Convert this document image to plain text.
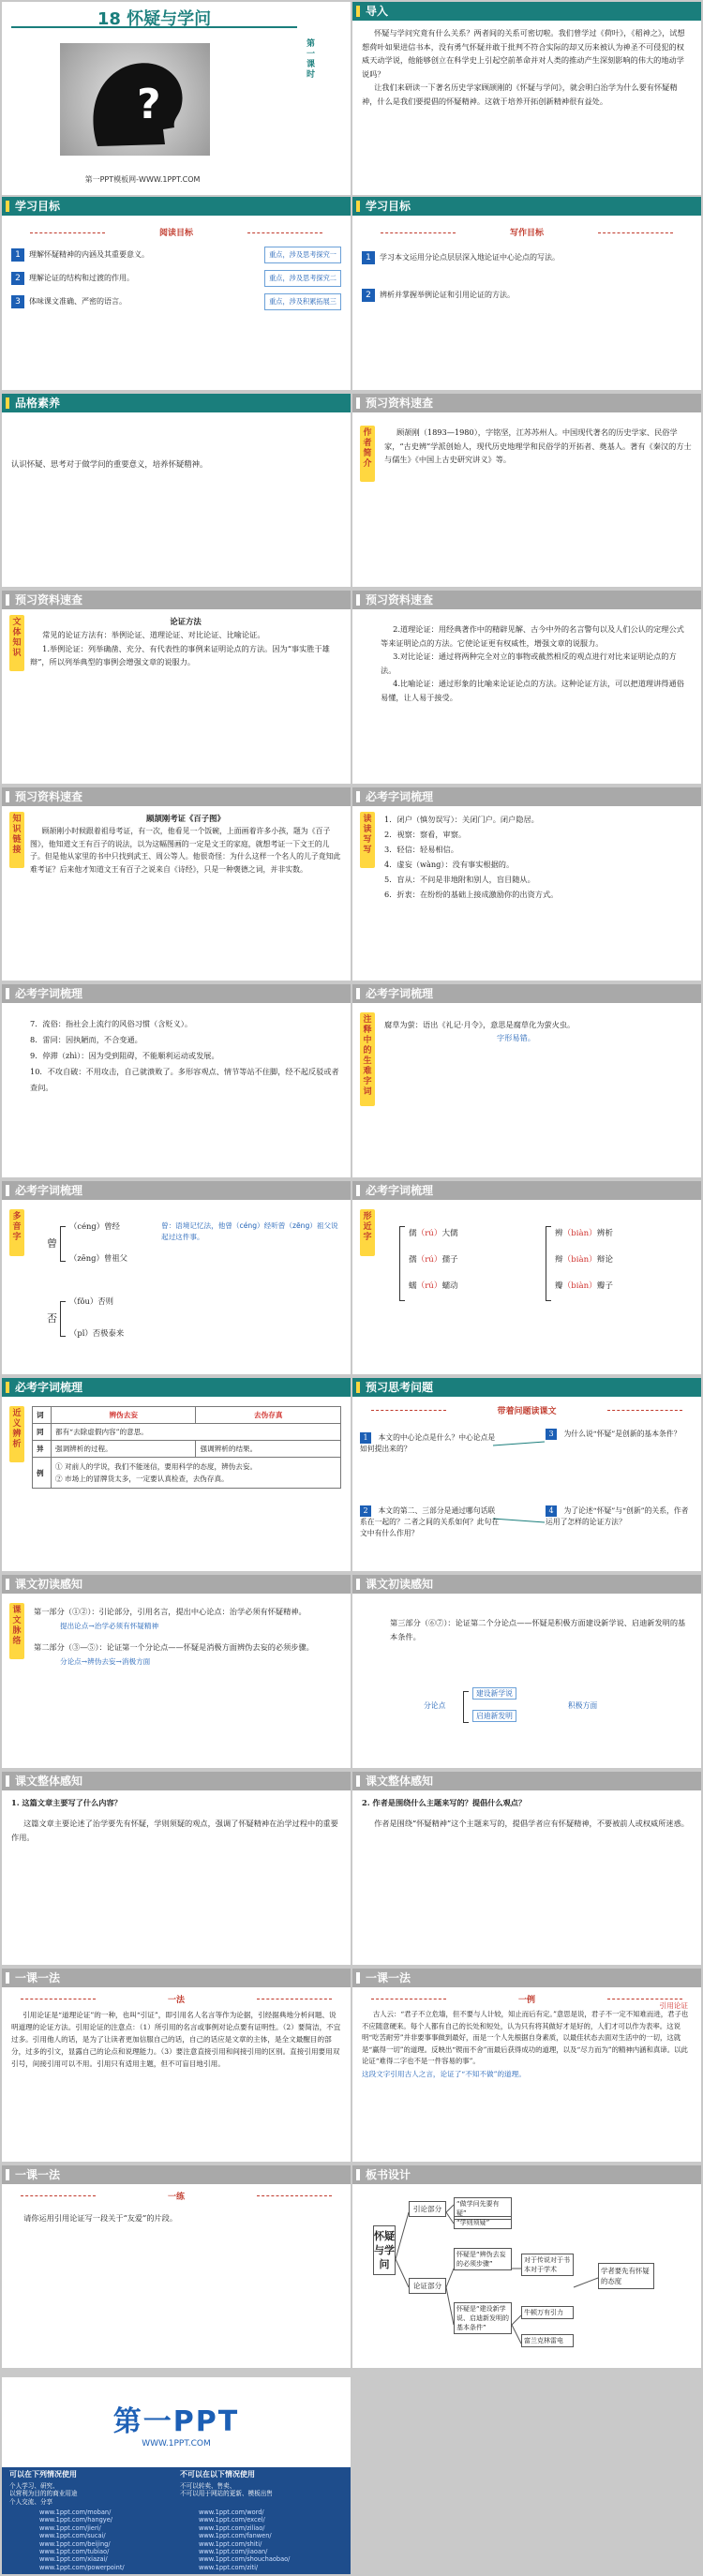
18 怀疑与学问
?
第一课时
第一PPT模板网-WWW.1PPT.COM
导入

怀疑与学问究竟有什么关系？两者间的关系可密切啦。我们曾学过《荷叶》，《稻神之》，试想想荷叶如果进信书本，没有勇气怀疑并敢于批判不符合实际的却又历来被认为神圣不可侵犯的权威天动学说，他能够创立在科学史上引起空前革命并对人类的推动产生深刻影响的伟大的地动学说吗？

让我们来研读一下著名历史学家顾颉刚的《怀疑与学问》，就会明白治学为什么要有怀疑精神，什么是我们要提倡的怀疑精神。这就于培养开拓创新精神很有益处。

学习目标
阅读目标
1	理解怀疑精神的内涵及其重要意义。	重点，涉及思考探究一
2	理解论证的结构和过渡的作用。	重点，涉及思考探究二
3	体味课文准确、严密的语言。	重点，涉及积累拓展三
学习目标
写作目标
1	学习本文运用分论点层层深入地论证中心论点的写法。
2	辨析并掌握举例论证和引用论证的方法。
品格素养

认识怀疑、思考对于做学问的重要意义，培养怀疑精神。

预习资料速查
作者简介

顾颉刚（1893—1980），字铭坚，江苏苏州人。中国现代著名的历史学家、民俗学家，“古史辨”学派创始人，现代历史地理学和民俗学的开拓者、奠基人。著有《秦汉的方士与儒生》《中国上古史研究讲义》等。

预习资料速查
文体知识
论证方法

常见的论证方法有：举例论证、道理论证、对比论证、比喻论证。

1.举例论证：列举确凿、充分、有代表性的事例来证明论点的方法。因为“事实胜于雄辩”，所以列举典型的事例会增强文章的说服力。

预习资料速查

2.道理论证：用经典著作中的精辟见解、古今中外的名言警句以及人们公认的定理公式等来证明论点的方法。它使论证更有权威性，增强文章的说服力。

3.对比论证：通过将两种完全对立的事物或截然相反的观点进行对比来证明论点的方法。

4.比喻论证：通过形象的比喻来论证论点的方法。这种论证方法，可以把道理讲得通俗易懂，让人易于接受。

预习资料速查
知识链接
顾颉刚考证《百子图》

顾颉刚小时候跟着祖母考证，有一次，他看见一个饭碗，上面画着许多小孩，题为《百子图》，他知道文王有百子的说法，以为这幅图画的一定是文王的家庭，就想考证一下文王的儿子。但是他从家里的书中只找到武王、周公等人。他很奇怪：为什么这样一个名人的儿子竟知此难考证？后来他才知道文王有百子之说来自《诗经》，只是一种褒德之词，并非实数。

必考字词梳理
读读写写
1．闭户（慎勿误写）：关闭门户。闭户隐居。
2．视察：察看，审察。
3．轻信：轻易相信。
4．虚妄（wàng）：没有事实根据的。
5．盲从：不问是非地附和别人，盲目随从。
6．折衷：在纷纷的基础上接成激励你的出资方式。
必考字词梳理
7．流俗：指社会上流行的风俗习惯（含贬义）。
8．雷同：因执陋而，不合变通。
9．停滞（zhì）：因为受到阻碍，不能顺利运动或发展。
10．不攻自破：不用攻击，自己就溃败了。多形容观点、情节等站不住脚，经不起反驳或者查问。
必考字词梳理
注释中的生难字词

腐草为萤：语出《礼记·月令》，意思是腐草化为萤火虫。

字形易错。

必考字词梳理
多音字	曾
（céng）曾经
（zēng）曾祖父
曾：语境记忆法，他曾（céng）经听曾（zēng）祖父说起过这件事。
否
（fǒu）否则
（pǐ）否极泰来
必考字词梳理
形近字	儒（rú）大儒
孺（rú）孺子
蠕（rú）蠕动
辨（biàn）辨析
辩（biàn）辩论
瓣（biàn）瓣子
必考字词梳理
近义辨析
词	辨伪去妄	去伪存真
同	都有“去除虚假内容”的意思。	
异	强调辨析的过程。	强调辨析的结果。
例	① 对前人的学说，我们不能迷信，要用科学的态度，辨伪去妄。
② 市场上的冒牌货太多，一定要认真检查，去伪存真。	
预习思考问题
带着问题读课文
1 本文的中心论点是什么？中心论点是如何提出来的？
2 本文的第二、三部分是通过哪句话联系在一起的？二者之间的关系如何？此句在文中有什么作用？
3 为什么说“怀疑”是创新的基本条件？
4 为了论述“怀疑”与“创新”的关系，作者运用了怎样的论证方法？
课文初读感知
课文脉络

第一部分（①②）：引论部分，引用名言，提出中心论点：治学必须有怀疑精神。

提出论点→治学必须有怀疑精神

第二部分（③—⑤）：论证第一个分论点——怀疑是消极方面辨伪去妄的必须步骤。

分论点→辨伪去妄→消极方面

课文初读感知

第三部分（⑥⑦）：论证第二个分论点——怀疑是积极方面建设新学说、启迪新发明的基本条件。

分论点
建设新学说
启迪新发明
积极方面
课文整体感知

1. 这篇文章主要写了什么内容？

这篇文章主要论述了治学要先有怀疑，学则须疑的观点，强调了怀疑精神在治学过程中的重要作用。

课文整体感知

2. 作者是围绕什么主题来写的？提倡什么观点？

作者是围绕“怀疑精神”这个主题来写的，提倡学者应有怀疑精神，不要被前人或权威所迷惑。

一课一法
一法

引用论证是“道理论证”的一种，也叫“引证”，即引用名人名言等作为论据，引经据典地分析问题、说明道理的论证方法。引用论证的注意点：（1）所引用的名言或事例对论点要有证明性。（2）要简洁，不宜过多。引用他人的话，是为了让读者更加信服自己的话，自己的话应是文章的主体，是全文最醒目的部分，过多的引文，显露自己的论点和说理能力。（3）要注意直接引用和间接引用的区别。直接引用要用双引号，间接引用可以不用。引用只有适用主题，但不可盲目地引用。

一课一法
一例
引用论证

古人云：“君子不立危墙，但不要与人计较，知止而后有定。”意思是说，君子不一定不知难而进，君子也不应随意硬来。每个人都有自己的长处和短处，认为只有将其做好才是好的，人们才可以作为表率。这说明“吃苦耐劳”并非要事事做到最好，而是一个人先根据自身素质，以最佳状态去面对生活中的一切，这就是“赢得一切”的道理。反映出“锲而不舍”而最后获得成功的道理，以及“尽力而为”的精神内涵和真谛。以此论证“难得二字也不是一件容易的事”。

这段文字引用古人之言，论证了“不知不做”的道理。

一课一法
一练

请你运用引用论证写一段关于“友爱”的片段。

板书设计
怀疑与学问
引论部分
“做学问先要有疑”
“学则须疑”
论证部分
怀疑是“辨伪去妄的必须步骤”	对于传说对于书本对于学术
怀疑是“建设新学说、启迪新发明的基本条件”
牛顿万有引力
富兰克林雷电
学者要先有怀疑的态度
第一PPT
WWW.1PPT.COM
可以在下列情况使用
个人学习、研究、
以营利为目的的商业用途
个人交流、分享
不可以在以下情况使用
不可以转卖、售卖、
不可以用于网站的更新、模板出售
www.1ppt.com/moban/
www.1ppt.com/hangye/
www.1ppt.com/jieri/
www.1ppt.com/sucai/
www.1ppt.com/beijing/
www.1ppt.com/tubiao/
www.1ppt.com/xiazai/
www.1ppt.com/powerpoint/
www.1ppt.com/word/
www.1ppt.com/excel/
www.1ppt.com/ziliao/
www.1ppt.com/fanwen/
www.1ppt.com/shiti/
www.1ppt.com/jiaoan/
www.1ppt.com/shouchaobao/
www.1ppt.com/ziti/
